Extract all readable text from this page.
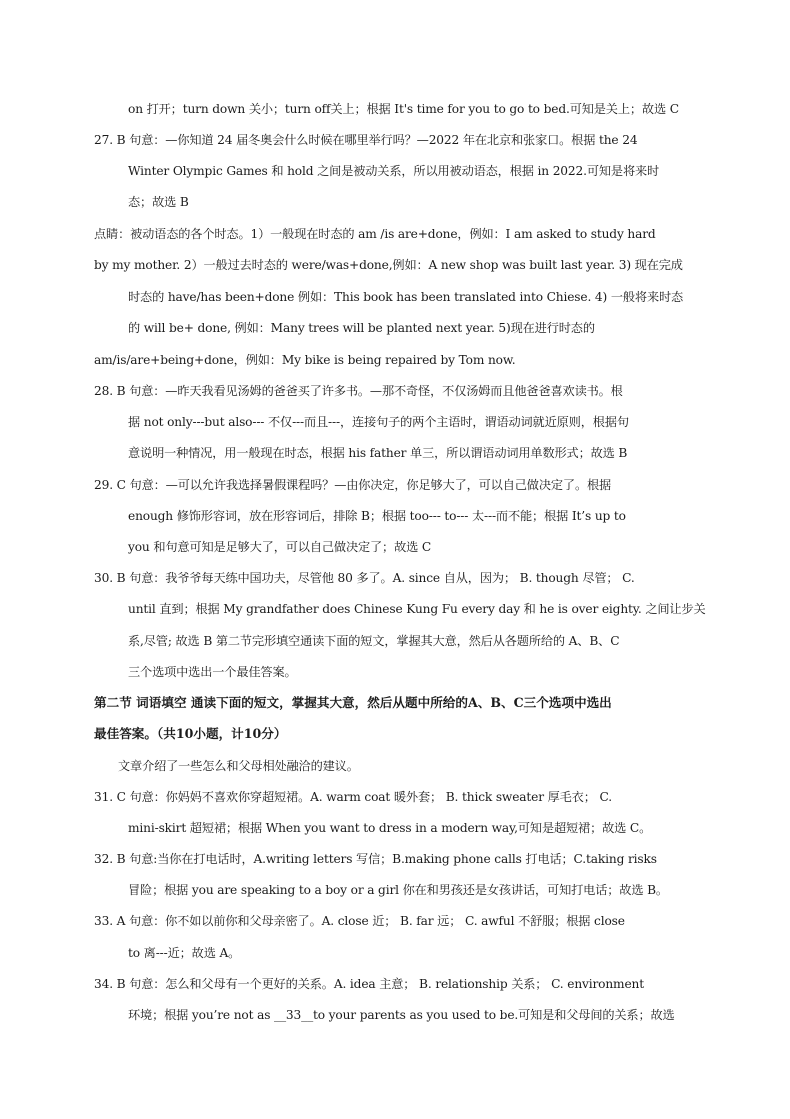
on 打开；turn down 关小；turn off关上；根据 It's time for you to go to bed.可知是关上；故选 C
27. B 句意：—你知道 24 届冬奥会什么时候在哪里举行吗？—2022 年在北京和张家口。根据 the 24
Winter Olympic Games 和 hold 之间是被动关系，所以用被动语态，根据 in 2022.可知是将来时
态；故选 B
点睛：被动语态的各个时态。1）一般现在时态的 am /is are+done，例如：I am asked to study hard
by my mother. 2）一般过去时态的 were/was+done,例如：A new shop was built last year. 3) 现在完成
时态的 have/has been+done 例如：This book has been translated into Chiese. 4) 一般将来时态
的 will be+ done, 例如：Many trees will be planted next year. 5)现在进行时态的
am/is/are+being+done，例如：My bike is being repaired by Tom now.
28. B 句意：—昨天我看见汤姆的爸爸买了许多书。—那不奇怪，不仅汤姆而且他爸爸喜欢读书。根
据 not only---but also--- 不仅---而且---，连接句子的两个主语时，谓语动词就近原则，根据句
意说明一种情况，用一般现在时态，根据 his father 单三，所以谓语动词用单数形式；故选 B
29. C 句意：—可以允许我选择暑假课程吗？—由你决定，你足够大了，可以自己做决定了。根据
enough 修饰形容词，放在形容词后，排除 B；根据 too--- to--- 太---而不能；根据 It’s up to
you 和句意可知是足够大了，可以自己做决定了；故选 C
30. B 句意：我爷爷每天练中国功夫，尽管他 80 多了。A. since 自从，因为； B. though 尽管； C.
until 直到；根据 My grandfather does Chinese Kung Fu every day 和 he is over eighty. 之间让步关
系,尽管; 故选 B 第二节完形填空通读下面的短文，掌握其大意，然后从各题所给的 A、B、C
三个选项中选出一个最佳答案。
第二节 词语填空 通读下面的短文，掌握其大意，然后从题中所给的A、B、C三个选项中选出
最佳答案。（共10小题，计10分）
文章介绍了一些怎么和父母相处融洽的建议。
31. C 句意：你妈妈不喜欢你穿超短裙。A. warm coat 暖外套； B. thick sweater 厚毛衣； C.
mini-skirt 超短裙；根据 When you want to dress in a modern way,可知是超短裙；故选 C。
32. B 句意:当你在打电话时，A.writing letters 写信；B.making phone calls 打电话；C.taking risks
冒险；根据 you are speaking to a boy or a girl 你在和男孩还是女孩讲话，可知打电话；故选 B。
33. A 句意：你不如以前你和父母亲密了。A. close 近； B. far 远； C. awful 不舒服；根据 close
to 离---近；故选 A。
34. B 句意：怎么和父母有一个更好的关系。A. idea 主意； B. relationship 关系； C. environment
环境；根据 you’re not as __33__to your parents as you used to be.可知是和父母间的关系；故选
